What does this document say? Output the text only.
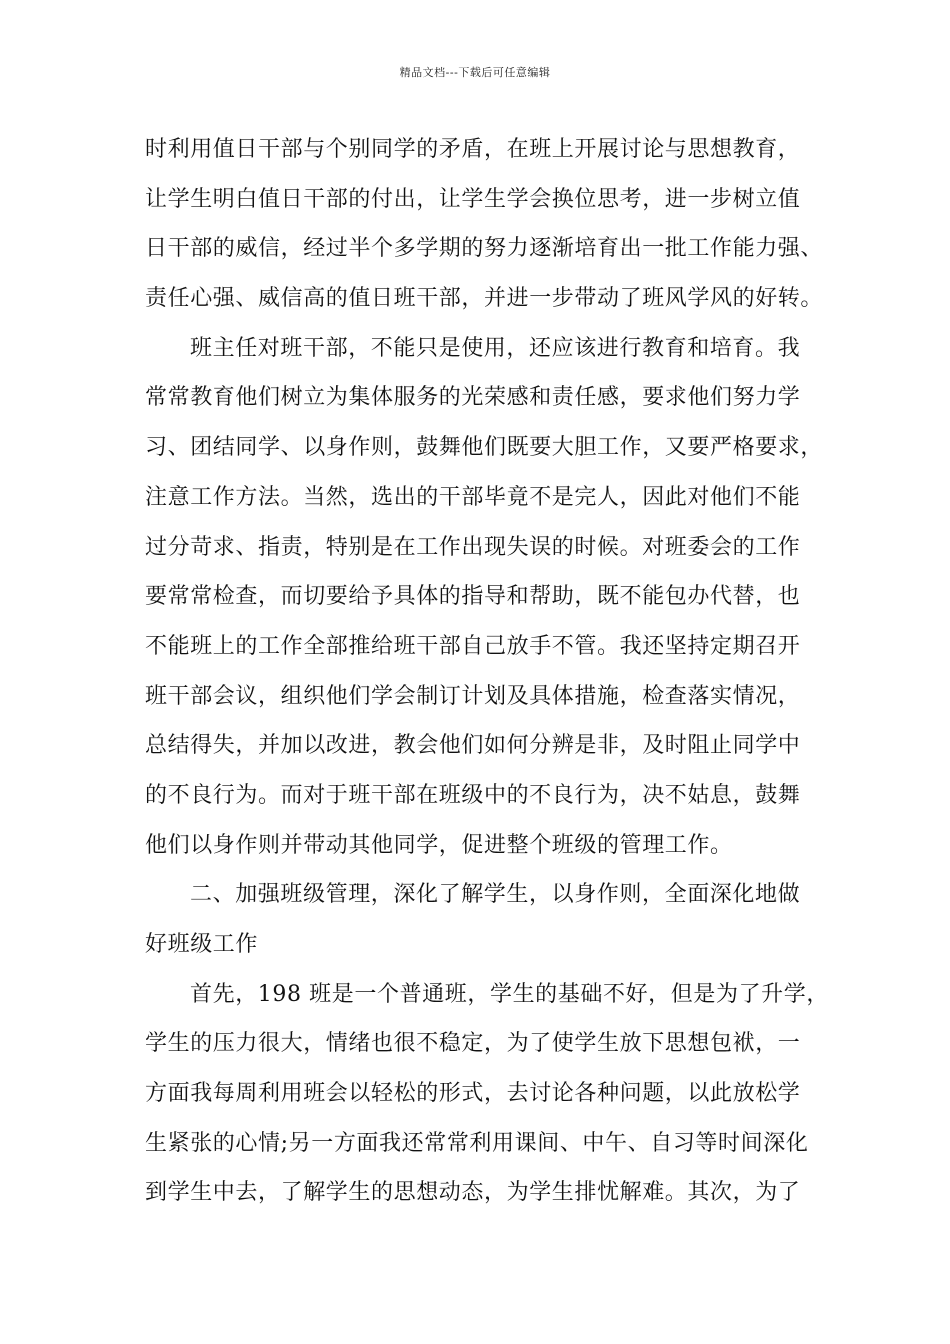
精品文档---下载后可任意编辑
时利用值日干部与个别同学的矛盾，在班上开展讨论与思想教育，
让学生明白值日干部的付出，让学生学会换位思考，进一步树立值
日干部的威信，经过半个多学期的努力逐渐培育出一批工作能力强、
责任心强、威信高的值日班干部，并进一步带动了班风学风的好转。
班主任对班干部，不能只是使用，还应该进行教育和培育。我
常常教育他们树立为集体服务的光荣感和责任感，要求他们努力学
习、团结同学、以身作则，鼓舞他们既要大胆工作，又要严格要求，
注意工作方法。当然，选出的干部毕竟不是完人，因此对他们不能
过分苛求、指责，特别是在工作出现失误的时候。对班委会的工作
要常常检查，而切要给予具体的指导和帮助，既不能包办代替，也
不能班上的工作全部推给班干部自己放手不管。我还坚持定期召开
班干部会议，组织他们学会制订计划及具体措施，检查落实情况，
总结得失，并加以改进，教会他们如何分辨是非，及时阻止同学中
的不良行为。而对于班干部在班级中的不良行为，决不姑息，鼓舞
他们以身作则并带动其他同学，促进整个班级的管理工作。
二、加强班级管理，深化了解学生，以身作则，全面深化地做
好班级工作
首先，198 班是一个普通班，学生的基础不好，但是为了升学，
学生的压力很大，情绪也很不稳定，为了使学生放下思想包袱，一
方面我每周利用班会以轻松的形式，去讨论各种问题，以此放松学
生紧张的心情;另一方面我还常常利用课间、中午、自习等时间深化
到学生中去，了解学生的思想动态，为学生排忧解难。其次，为了
